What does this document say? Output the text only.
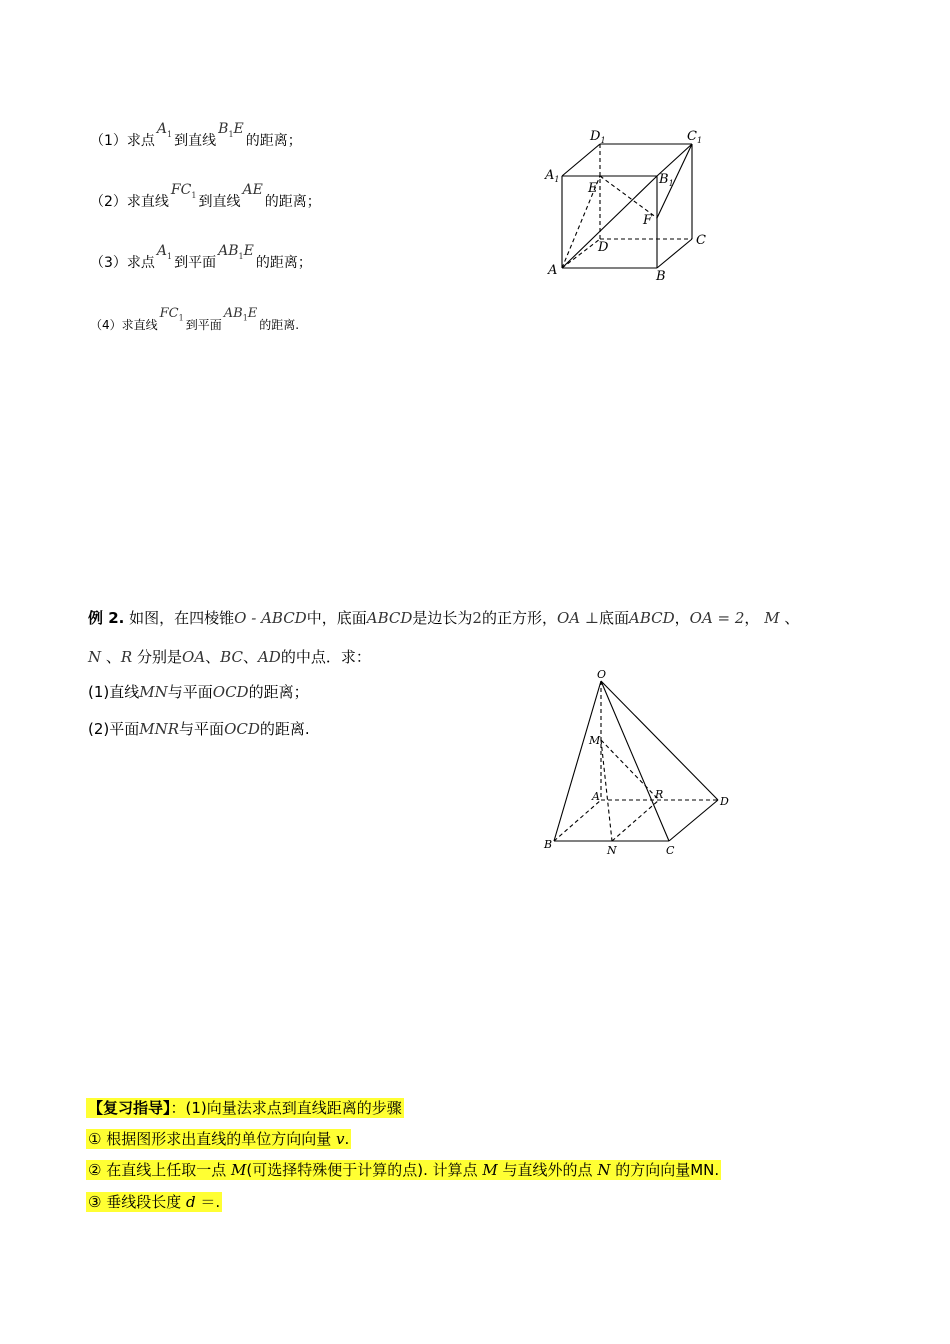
（1）求点$A_1$ 到直线$B_1E$的距离；
（2）求直线$FC_1$ 到直线AE的距离；
（3）求点$A_1$ 到平面$AB_1E$的距离；
（4）求直线$FC_1$ 到平面$AB_1E$的距离.
$D_1$	$C_1$
$A_1$	$B_1$
E
F
D	C
A	B
例 2. 如图，在四棱锥O - ABCD中，底面ABCD是边长为2的正方形，OA ⊥底面ABCD，OA = 2， M 、
N 、R 分别是OA、BC、AD的中点．求：
(1)直线MN与平面OCD的距离；
(2)平面MNR与平面OCD的距离.
O
M
A	R
D
B	N	C
【复习指导】：(1)向量法求点到直线距离的步骤
① 根据图形求出直线的单位方向向量 v.
② 在直线上任取一点 M(可选择特殊便于计算的点). 计算点 M 与直线外的点 N 的方向向量MN.
③ 垂线段长度 d ＝.
